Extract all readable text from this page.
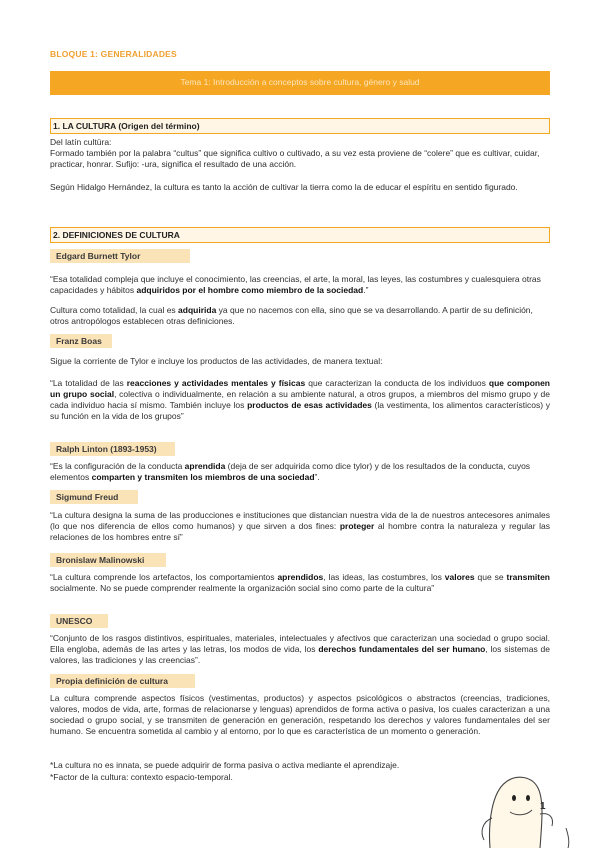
BLOQUE 1: GENERALIDADES
Tema 1: Introducción a conceptos sobre cultura, género y salud
1. LA CULTURA (Origen del término)
Del latín cultüra:
Formado también por la palabra “cultus” que significa cultivo o cultivado, a su vez esta proviene de “colere” que es cultivar, cuidar, practicar, honrar. Sufijo: -ura, significa el resultado de una acción.
Según Hidalgo Hernández, la cultura es tanto la acción de cultivar la tierra como la de educar el espíritu en sentido figurado.
2. DEFINICIONES DE CULTURA
Edgard Burnett Tylor
“Esa totalidad compleja que incluye el conocimiento, las creencias, el arte, la moral, las leyes, las costumbres y cualesquiera otras capacidades y hábitos adquiridos por el hombre como miembro de la sociedad.”
Cultura como totalidad, la cual es adquirida ya que no nacemos con ella, sino que se va desarrollando. A partir de su definición, otros antropólogos establecen otras definiciones.
Franz Boas
Sigue la corriente de Tylor e incluye los productos de las actividades, de manera textual:
“La totalidad de las reacciones y actividades mentales y físicas que caracterizan la conducta de los individuos que componen un grupo social, colectiva o individualmente, en relación a su ambiente natural, a otros grupos, a miembros del mismo grupo y de cada individuo hacia sí mismo. También incluye los productos de esas actividades (la vestimenta, los alimentos característicos) y su función en la vida de los grupos”
Ralph Linton (1893-1953)
“Es la configuración de la conducta aprendida (deja de ser adquirida como dice tylor) y de los resultados de la conducta, cuyos elementos comparten y transmiten los miembros de una sociedad”.
Sigmund Freud
“La cultura designa la suma de las producciones e instituciones que distancian nuestra vida de la de nuestros antecesores animales (lo que nos diferencia de ellos como humanos) y que sirven a dos fines: proteger al hombre contra la naturaleza y regular las relaciones de los hombres entre sí”
Bronislaw Malinowski
“La cultura comprende los artefactos, los comportamientos aprendidos, las ideas, las costumbres, los valores que se transmiten socialmente. No se puede comprender realmente la organización social sino como parte de la cultura”
UNESCO
“Conjunto de los rasgos distintivos, espirituales, materiales, intelectuales y afectivos que caracterizan una sociedad o grupo social. Ella engloba, además de las artes y las letras, los modos de vida, los derechos fundamentales del ser humano, los sistemas de valores, las tradiciones y las creencias”.
Propia definición de cultura
La cultura comprende aspectos físicos (vestimentas, productos) y aspectos psicológicos o abstractos (creencias, tradiciones, valores, modos de vida, arte, formas de relacionarse y lenguas) aprendidos de forma activa o pasiva, los cuales caracterizan a una sociedad o grupo social, y se transmiten de generación en generación, respetando los derechos y valores fundamentales del ser humano. Se encuentra sometida al cambio y al entorno, por lo que es característica de un momento o generación.
*La cultura no es innata, se puede adquirir de forma pasiva o activa mediante el aprendizaje.
*Factor de la cultura: contexto espacio-temporal.
1
